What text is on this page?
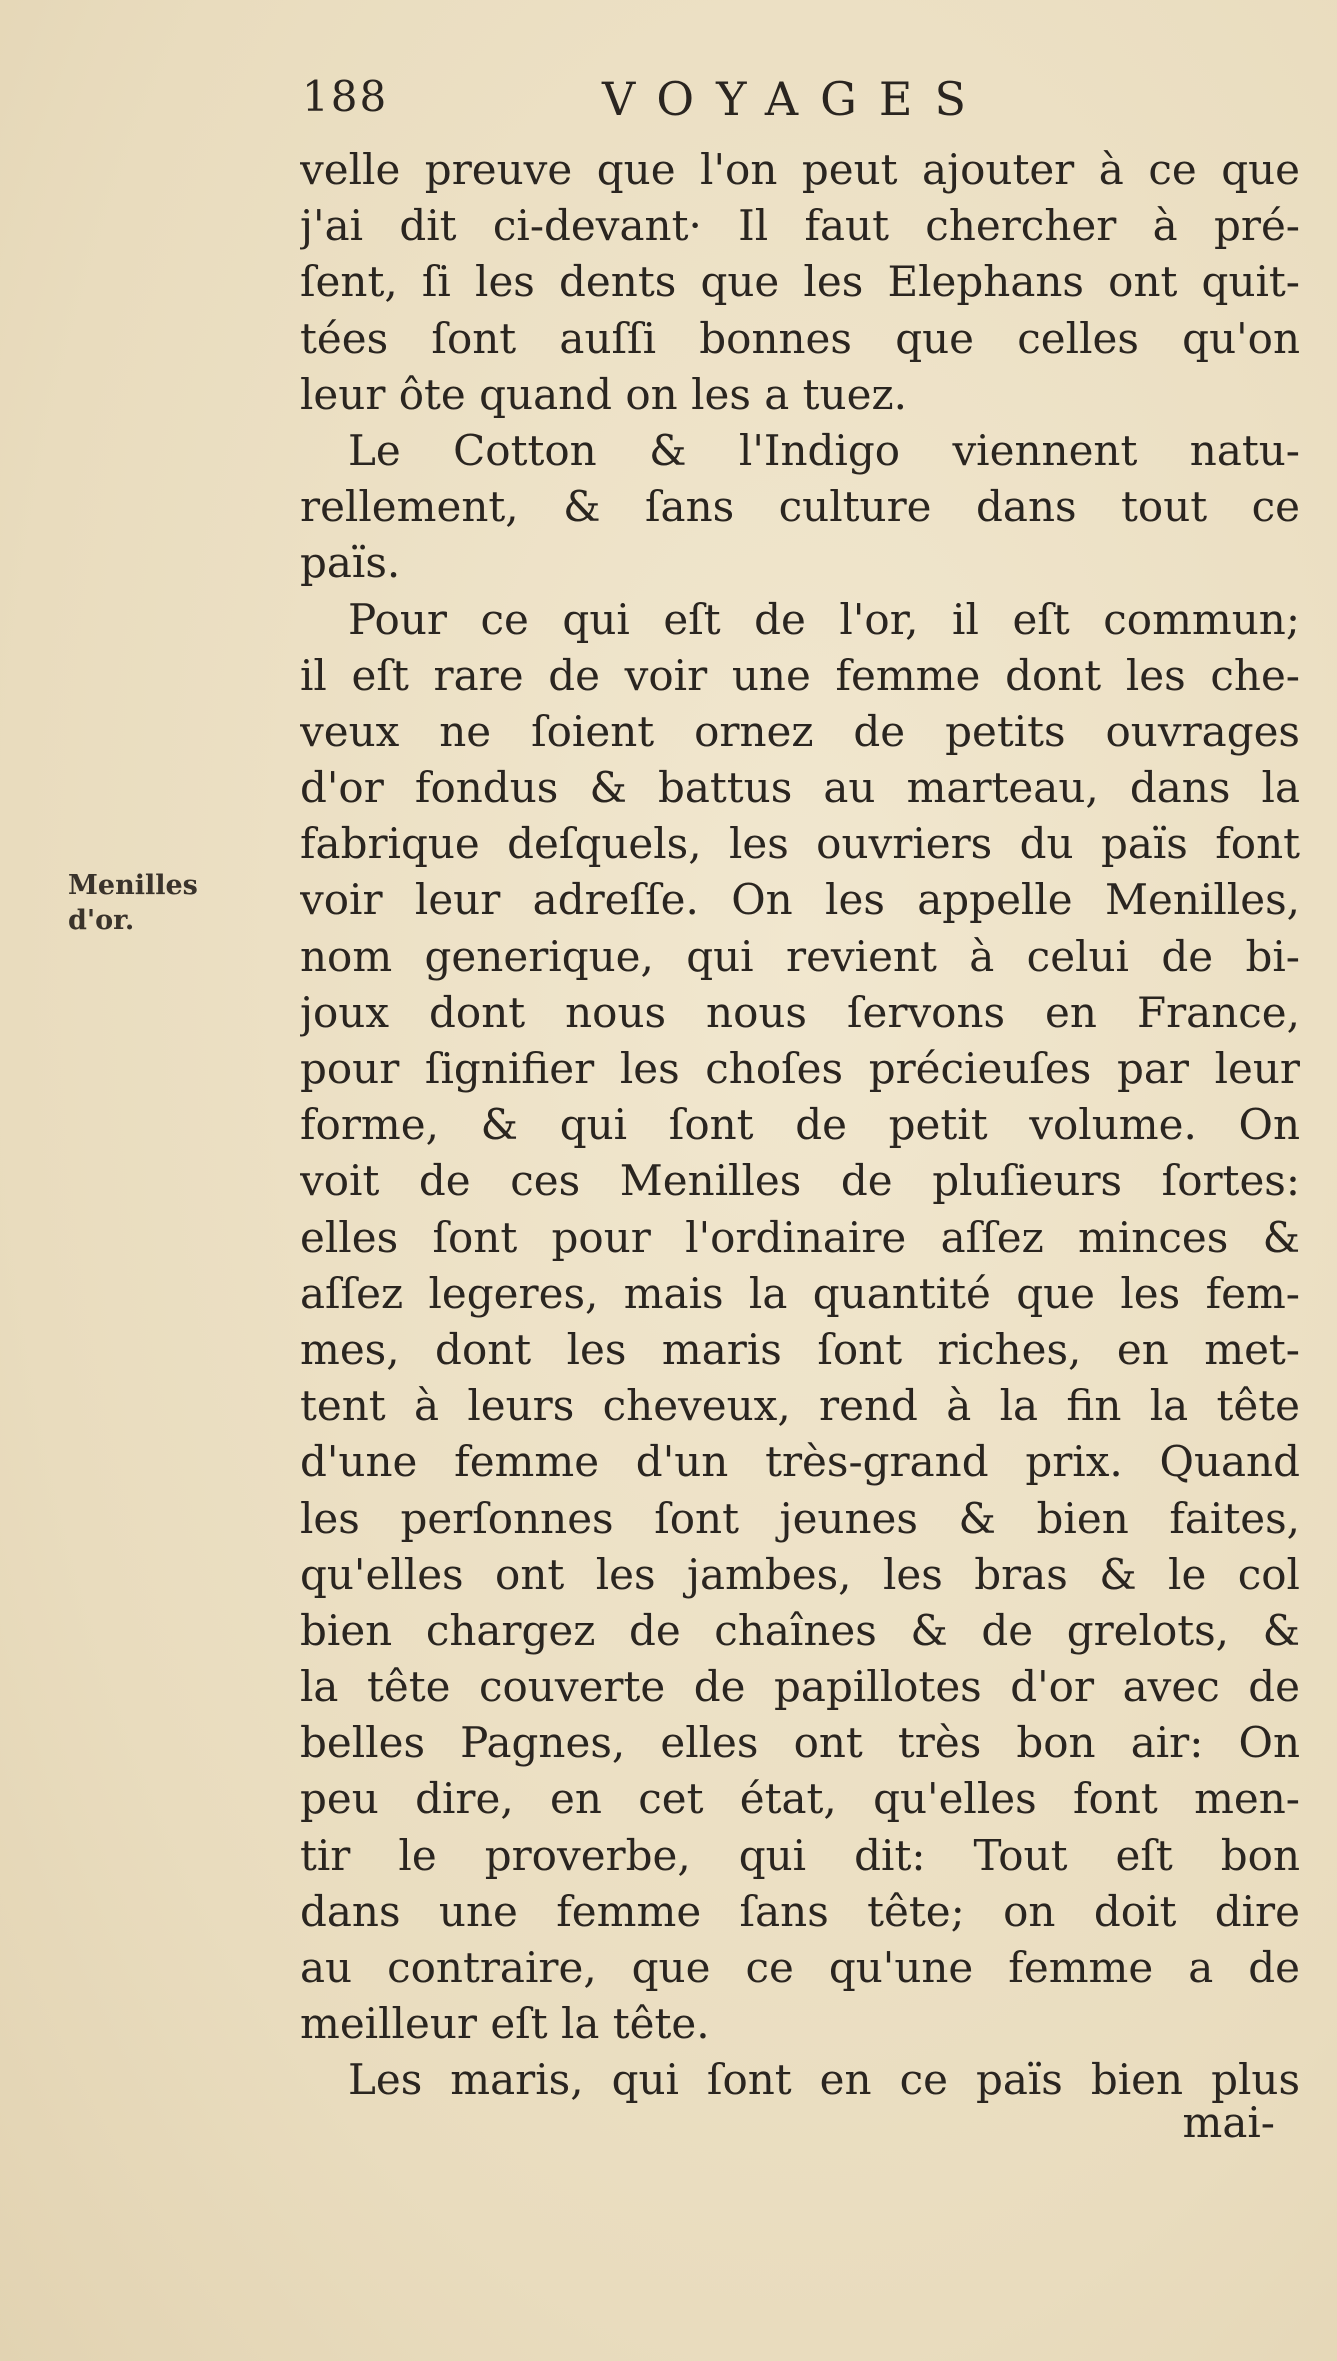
188	VOYAGES
Menilles
d'or.
velle preuve que l'on peut ajouter à ce que
j'ai dit ci-devant· Il faut chercher à pré-
ſent, ſi les dents que les Elephans ont quit-
tées ſont auſſi bonnes que celles qu'on
leur ôte quand on les a tuez.
Le Cotton & l'Indigo viennent natu-
rellement, & ſans culture dans tout ce
païs.
Pour ce qui eſt de l'or, il eſt commun;
il eſt rare de voir une femme dont les che-
veux ne ſoient ornez de petits ouvrages
d'or fondus & battus au marteau, dans la
fabrique deſquels, les ouvriers du païs font
voir leur adreſſe. On les appelle Menilles,
nom generique, qui revient à celui de bi-
joux dont nous nous ſervons en France,
pour ſignifier les choſes précieuſes par leur
forme, & qui ſont de petit volume. On
voit de ces Menilles de pluſieurs ſortes:
elles ſont pour l'ordinaire aſſez minces &
aſſez legeres, mais la quantité que les fem-
mes, dont les maris ſont riches, en met-
tent à leurs cheveux, rend à la fin la tête
d'une femme d'un très-grand prix. Quand
les perſonnes ſont jeunes & bien faites,
qu'elles ont les jambes, les bras & le col
bien chargez de chaînes & de grelots, &
la tête couverte de papillotes d'or avec de
belles Pagnes, elles ont très bon air: On
peu dire, en cet état, qu'elles font men-
tir le proverbe, qui dit: Tout eſt bon
dans une femme ſans tête; on doit dire
au contraire, que ce qu'une femme a de
meilleur eſt la tête.
Les maris, qui ſont en ce païs bien plus
mai-
